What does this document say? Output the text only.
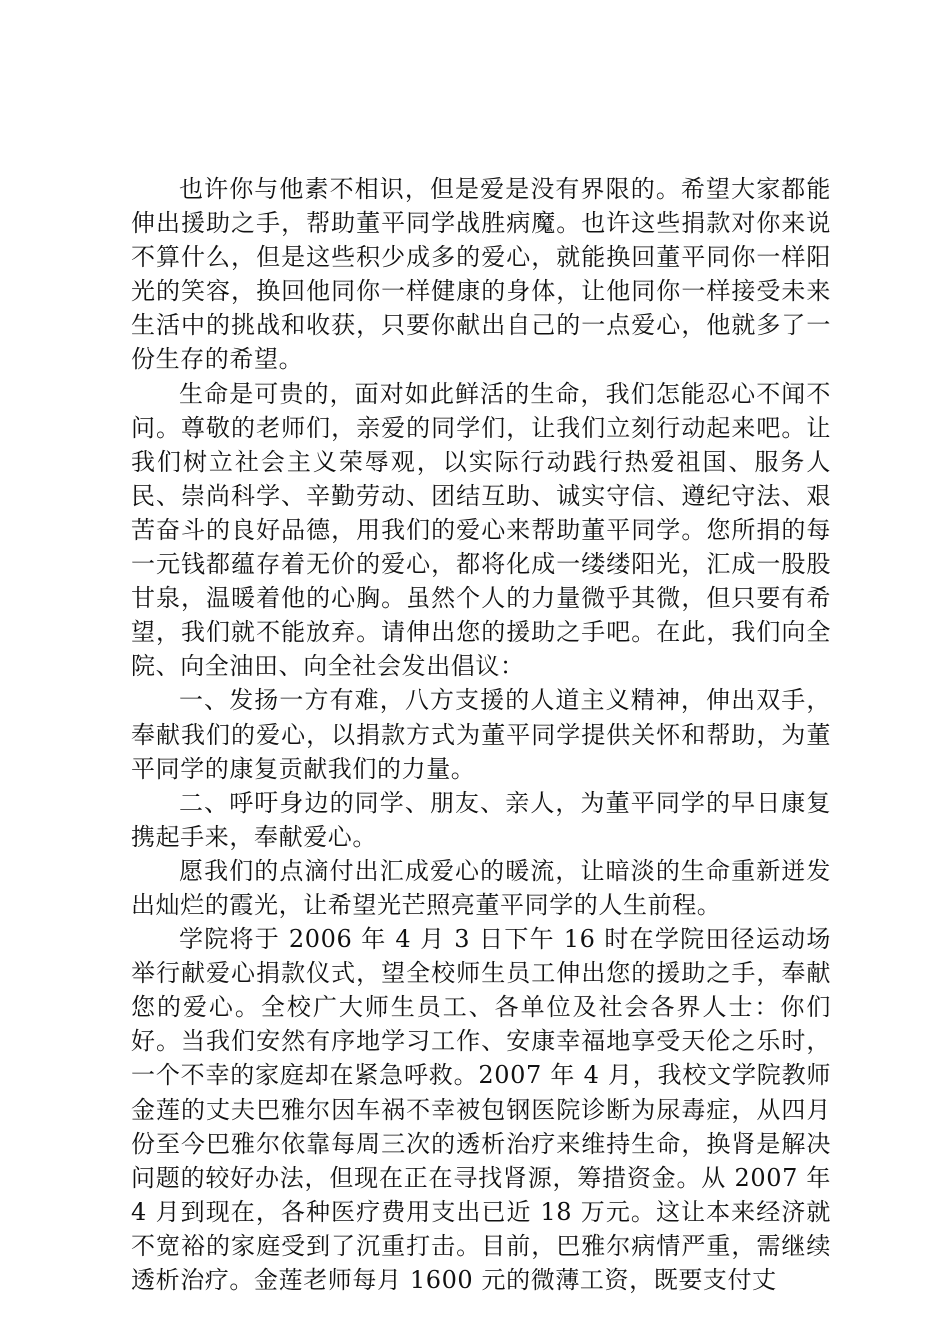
也许你与他素不相识，但是爱是没有界限的。希望大家都能伸出援助之手，帮助董平同学战胜病魔。也许这些捐款对你来说不算什么，但是这些积少成多的爱心，就能换回董平同你一样阳光的笑容，换回他同你一样健康的身体，让他同你一样接受未来生活中的挑战和收获，只要你献出自己的一点爱心，他就多了一份生存的希望。

生命是可贵的，面对如此鲜活的生命，我们怎能忍心不闻不问。尊敬的老师们，亲爱的同学们，让我们立刻行动起来吧。让我们树立社会主义荣辱观，以实际行动践行热爱祖国、服务人民、崇尚科学、辛勤劳动、团结互助、诚实守信、遵纪守法、艰苦奋斗的良好品德，用我们的爱心来帮助董平同学。您所捐的每一元钱都蕴存着无价的爱心，都将化成一缕缕阳光，汇成一股股甘泉，温暖着他的心胸。虽然个人的力量微乎其微，但只要有希望，我们就不能放弃。请伸出您的援助之手吧。在此，我们向全院、向全油田、向全社会发出倡议：

一、发扬一方有难，八方支援的人道主义精神，伸出双手，奉献我们的爱心，以捐款方式为董平同学提供关怀和帮助，为董平同学的康复贡献我们的力量。

二、呼吁身边的同学、朋友、亲人，为董平同学的早日康复携起手来，奉献爱心。

愿我们的点滴付出汇成爱心的暖流，让暗淡的生命重新迸发出灿烂的霞光，让希望光芒照亮董平同学的人生前程。

学院将于 2006 年 4 月 3 日下午 16 时在学院田径运动场举行献爱心捐款仪式，望全校师生员工伸出您的援助之手，奉献您的爱心。全校广大师生员工、各单位及社会各界人士：你们好。当我们安然有序地学习工作、安康幸福地享受天伦之乐时，一个不幸的家庭却在紧急呼救。2007 年 4 月，我校文学院教师金莲的丈夫巴雅尔因车祸不幸被包钢医院诊断为尿毒症，从四月份至今巴雅尔依靠每周三次的透析治疗来维持生命，换肾是解决问题的较好办法，但现在正在寻找肾源，筹措资金。从 2007 年 4 月到现在，各种医疗费用支出已近 18 万元。这让本来经济就不宽裕的家庭受到了沉重打击。目前，巴雅尔病情严重，需继续透析治疗。金莲老师每月 1600 元的微薄工资，既要支付丈
